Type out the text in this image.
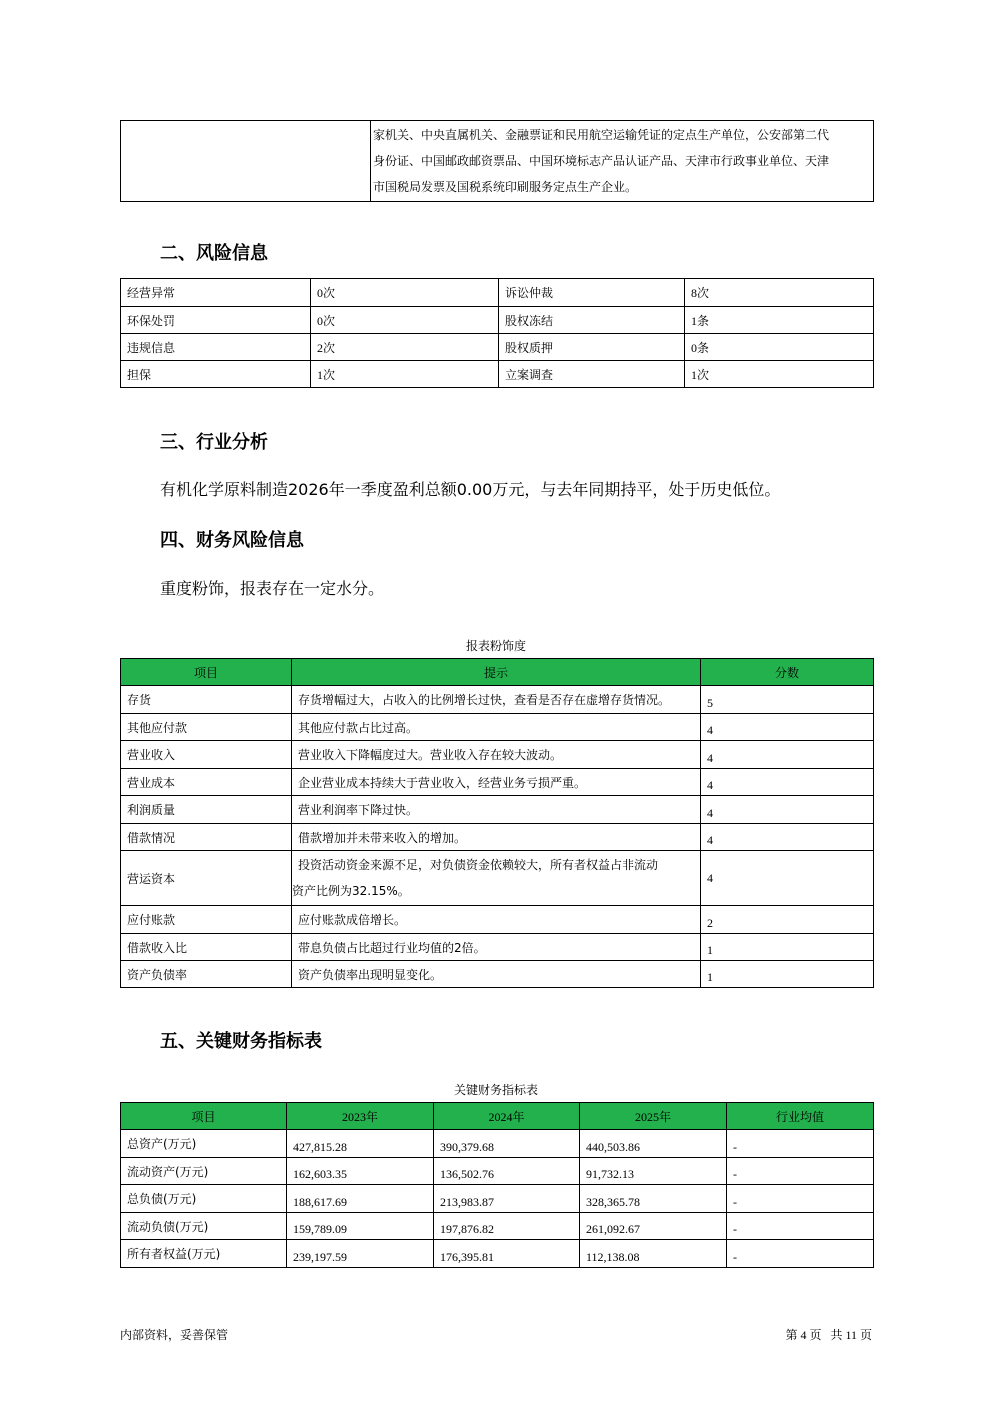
家机关、中央直属机关、金融票证和民用航空运输凭证的定点生产单位，公安部第二代
身份证、中国邮政邮资票品、中国环境标志产品认证产品、天津市行政事业单位、天津
市国税局发票及国税系统印刷服务定点生产企业。
二、风险信息
经营异常	0次	诉讼仲裁	8次
环保处罚	0次	股权冻结	1条
违规信息	2次	股权质押	0条
担保	1次	立案调查	1次
三、行业分析

有机化学原料制造2026年一季度盈利总额0.00万元，与去年同期持平，处于历史低位。

四、财务风险信息

重度粉饰，报表存在一定水分。

报表粉饰度
项目	提示	分数
存货	存货增幅过大，占收入的比例增长过快，查看是否存在虚增存货情况。	5
其他应付款	其他应付款占比过高。	4
营业收入	营业收入下降幅度过大。营业收入存在较大波动。	4
营业成本	企业营业成本持续大于营业收入，经营业务亏损严重。	4
利润质量	营业利润率下降过快。	4
借款情况	借款增加并未带来收入的增加。	4
营运资本	投资活动资金来源不足，对负债资金依赖较大，所有者权益占非流动
资产比例为32.15%。	4
应付账款	应付账款成倍增长。	2
借款收入比	带息负债占比超过行业均值的2倍。	1
资产负债率	资产负债率出现明显变化。	1
五、关键财务指标表
关键财务指标表
项目	2023年	2024年	2025年	行业均值
总资产(万元)	427,815.28	390,379.68	440,503.86	-
流动资产(万元)	162,603.35	136,502.76	91,732.13	-
总负债(万元)	188,617.69	213,983.87	328,365.78	-
流动负债(万元)	159,789.09	197,876.82	261,092.67	-
所有者权益(万元)	239,197.59	176,395.81	112,138.08	-
内部资料，妥善保管	第 4 页   共 11 页
